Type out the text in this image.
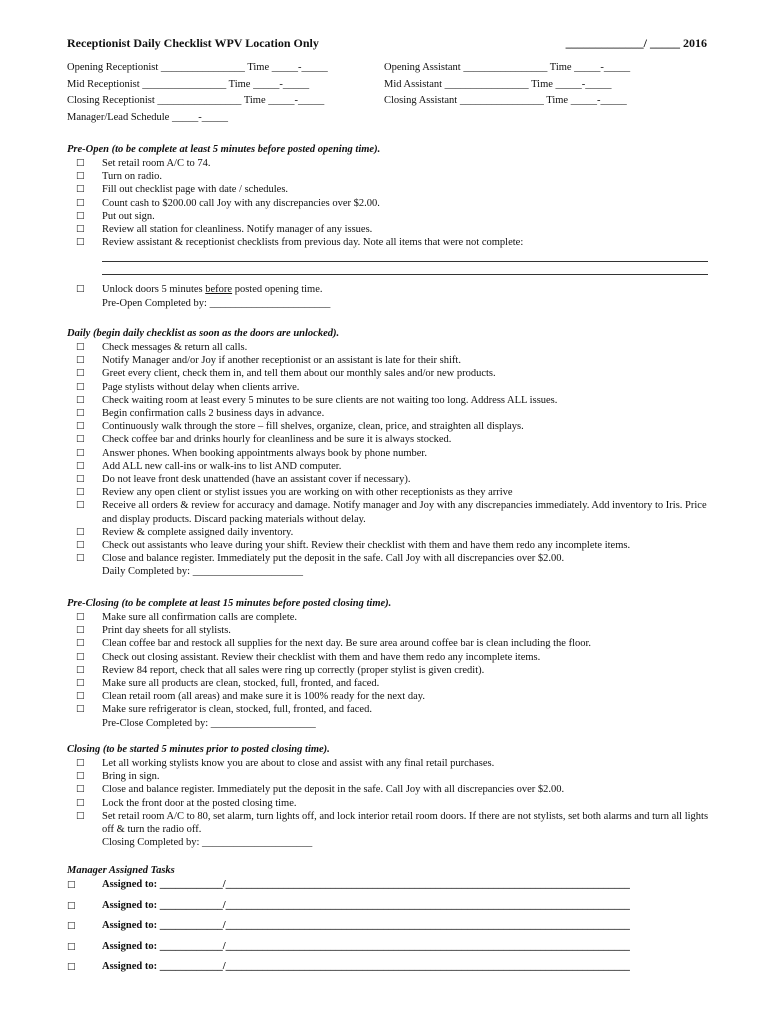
Receptionist Daily Checklist WPV Location Only	_____________/ _____ 2016
Opening Receptionist ________________ Time _____-_____	Opening Assistant ________________ Time _____-_____
Mid Receptionist ________________ Time _____-_____	Mid Assistant ________________ Time _____-_____
Closing Receptionist ________________ Time _____-_____	Closing Assistant ________________ Time _____-_____
Manager/Lead Schedule _____-_____
Pre-Open (to be complete at least 5 minutes before posted opening time).
□ Set retail room A/C to 74.
□ Turn on radio.
□ Fill out checklist page with date / schedules.
□ Count cash to $200.00 call Joy with any discrepancies over $2.00.
□ Put out sign.
□ Review all station for cleanliness. Notify manager of any issues.
□ Review assistant & receptionist checklists from previous day. Note all items that were not complete:
□ Unlock doors 5 minutes before posted opening time.
Pre-Open Completed by: _______________________
Daily (begin daily checklist as soon as the doors are unlocked).
□ Check messages & return all calls.
□ Notify Manager and/or Joy if another receptionist or an assistant is late for their shift.
□ Greet every client, check them in, and tell them about our monthly sales and/or new products.
□ Page stylists without delay when clients arrive.
□ Check waiting room at least every 5 minutes to be sure clients are not waiting too long. Address ALL issues.
□ Begin confirmation calls 2 business days in advance.
□ Continuously walk through the store – fill shelves, organize, clean, price, and straighten all displays.
□ Check coffee bar and drinks hourly for cleanliness and be sure it is always stocked.
□ Answer phones. When booking appointments always book by phone number.
□ Add ALL new call-ins or walk-ins to list AND computer.
□ Do not leave front desk unattended (have an assistant cover if necessary).
□ Review any open client or stylist issues you are working on with other receptionists as they arrive
□ Receive all orders & review for accuracy and damage. Notify manager and Joy with any discrepancies immediately. Add inventory to Iris. Price and display products. Discard packing materials without delay.
□ Review & complete assigned daily inventory.
□ Check out assistants who leave during your shift. Review their checklist with them and have them redo any incomplete items.
□ Close and balance register. Immediately put the deposit in the safe. Call Joy with all discrepancies over $2.00.
Daily Completed by: _____________________
Pre-Closing (to be complete at least 15 minutes before posted closing time).
□ Make sure all confirmation calls are complete.
□ Print day sheets for all stylists.
□ Clean coffee bar and restock all supplies for the next day. Be sure area around coffee bar is clean including the floor.
□ Check out closing assistant. Review their checklist with them and have them redo any incomplete items.
□ Review 84 report, check that all sales were ring up correctly (proper stylist is given credit).
□ Make sure all products are clean, stocked, full, fronted, and faced.
□ Clean retail room (all areas) and make sure it is 100% ready for the next day.
□ Make sure refrigerator is clean, stocked, full, fronted, and faced.
Pre-Close Completed by: ____________________
Closing (to be started 5 minutes prior to posted closing time).
□ Let all working stylists know you are about to close and assist with any final retail purchases.
□ Bring in sign.
□ Close and balance register. Immediately put the deposit in the safe. Call Joy with all discrepancies over $2.00.
□ Lock the front door at the posted closing time.
□ Set retail room A/C to 80, set alarm, turn lights off, and lock interior retail room doors. If there are not stylists, set both alarms and turn all lights off & turn the radio off.
Closing Completed by: _____________________
Manager Assigned Tasks
□	Assigned to: ____________/_____________________________________________________________________________
□	Assigned to: ____________/_____________________________________________________________________________
□	Assigned to: ____________/_____________________________________________________________________________
□	Assigned to: ____________/_____________________________________________________________________________
□	Assigned to: ____________/_____________________________________________________________________________
